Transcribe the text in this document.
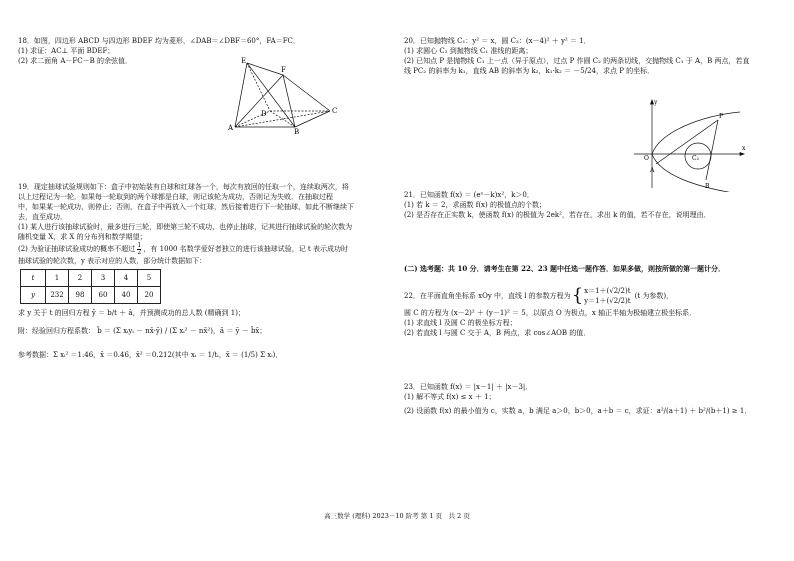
18．如图，四边形 ABCD 与四边形 BDEF 均为菱形，∠DAB＝∠DBF＝60°，FA＝FC．
(1) 求证：AC⊥ 平面 BDEF；
(2) 求二面角 A－FC－B 的余弦值．	E
F
D	C
A	B
19．现定抽球试验规则如下：盒子中初始装有白球和红球各一个，每次有放回的任取一个，连续取两次，将
以上过程记为一轮．如果每一轮取到的两个球都是白球，则记该轮为成功，否则记为失败．在抽取过程
中，如果某一轮成功，则停止；否则，在盒子中再放入一个红球，然后接着进行下一轮抽球，如此不断继续下
去，直至成功．
(1) 某人进行该抽球试验时，最多进行三轮，即使第三轮不成功，也停止抽球，记其进行抽球试验的轮次数为
随机变量 X，求 X 的分布列和数学期望；
(2) 为验证抽球试验成功的概率不超过 $\frac{1}{2}$ ，有 1000 名数学爱好者独立的进行该抽球试验，记 t 表示成功时
抽球试验的轮次数，y 表示对应的人数，部分统计数据如下：
t	1	2	3	4	5
y	232	98	60	40	20
求 y 关于 t 的回归方程 ŷ ＝ b/t ＋ â，并预测成功的总人数 (精确到 1)；
附：经验回归方程系数： b̂ ＝ (Σ xᵢyᵢ － nx̄·ȳ) / (Σ xᵢ² － nx̄²)，â ＝ ȳ － b̂x̄；
参考数据：Σ xᵢ² ＝1.46，x̄ ＝0.46，x̄² ＝0.212(其中 xᵢ ＝ 1/tᵢ，x̄ ＝ (1/5) Σ xᵢ)．
20．已知抛物线 C₁：y² ＝ x，圆 C₂：(x－4)² ＋ y² ＝ 1．
(1) 求圆心 C₂ 到抛物线 C₁ 准线的距离；
(2) 已知点 P 是抛物线 C₁ 上一点（异于原点），过点 P 作圆 C₂ 的两条切线，交抛物线 C₁ 于 A，B 两点，若直
线 PC₂ 的斜率为 k₁，直线 AB 的斜率为 k₂，k₁·k₂ ＝ －5/24，求点 P 的坐标．
y
x
O
P
A
B
C₂
21．已知函数 f(x) ＝ (eˣ－k)x²，k＞0．
(1) 若 k ＝ 2，求函数 f(x) 的极值点的个数；
(2) 是否存在正实数 k，使函数 f(x) 的极值为 2ek²，若存在，求出 k 的值，若不存在，说明理由．
(二) 选考题：共 10 分．请考生在第 22、23 题中任选一题作答．如果多做，则按所做的第一题计分．
22．在平面直角坐标系 xOy 中，直线 l 的参数方程为 { x＝1＋(√2/2)t
y＝1＋(√2/2)t
(t 为参数)，
圆 C 的方程为 (x－2)² ＋ (y－1)² ＝ 5，以原点 O 为极点，x 轴正半轴为极轴建立极坐标系．
(1) 求直线 l 及圆 C 的极坐标方程；
(2) 若直线 l 与圆 C 交于 A，B 两点，求 cos∠AOB 的值．
23．已知函数 f(x) ＝ |x－1| ＋ |x－3|．
(1) 解不等式 f(x) ≤ x ＋ 1；
(2) 设函数 f(x) 的最小值为 c，实数 a，b 满足 a＞0，b＞0，a＋b ＝ c，求证：a²/(a＋1) ＋ b²/(b＋1) ≥ 1．
高三数学 (理科) 2023－10 阶考 第 1 页　共 2 页
